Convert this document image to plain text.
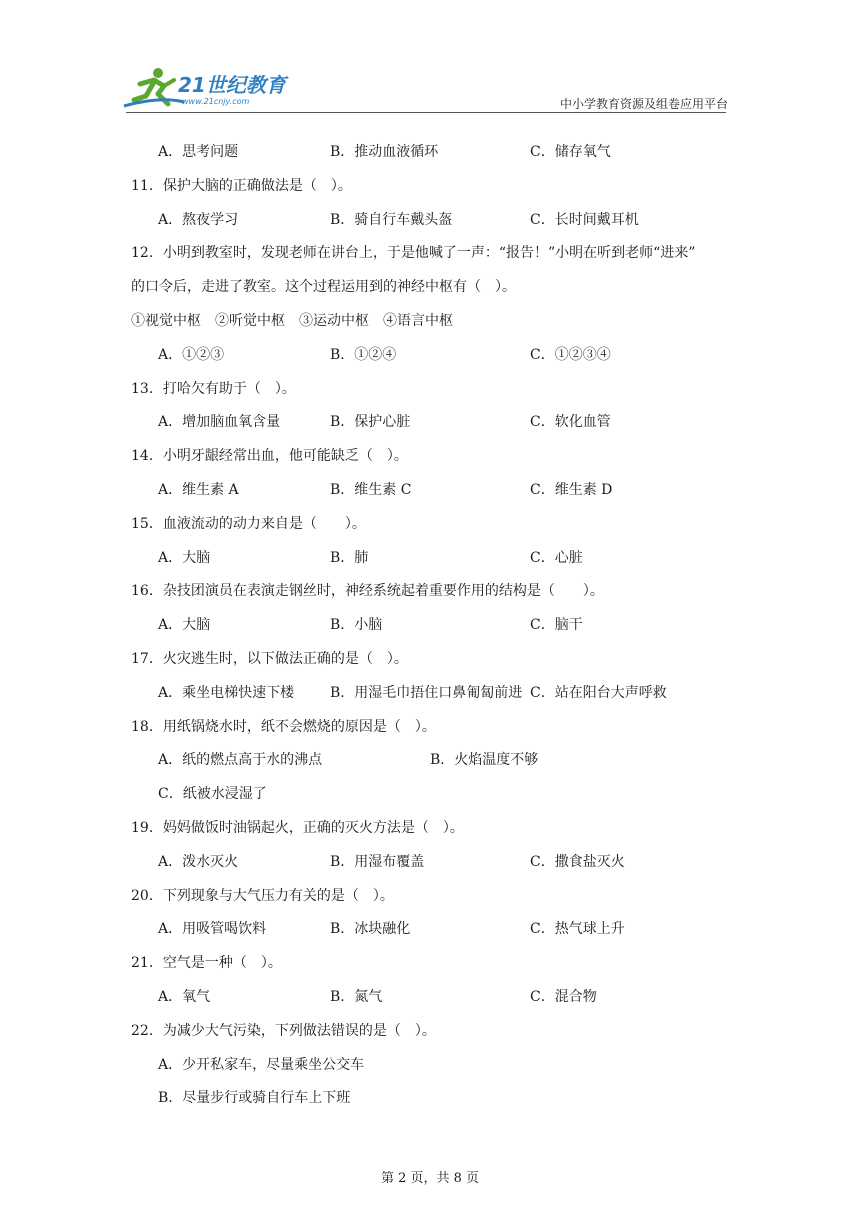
21世纪教育
www.21cnjy.com	中小学教育资源及组卷应用平台
A．思考问题	B．推动血液循环	C．储存氧气
11．保护大脑的正确做法是（　）。
A．熬夜学习	B．骑自行车戴头盔	C．长时间戴耳机
12．小明到教室时，发现老师在讲台上，于是他喊了一声：“报告！”小明在听到老师“进来”
的口令后，走进了教室。这个过程运用到的神经中枢有（　）。
①视觉中枢　②听觉中枢　③运动中枢　④语言中枢
A．①②③	B．①②④	C．①②③④
13．打哈欠有助于（　）。
A．增加脑血氧含量	B．保护心脏	C．软化血管
14．小明牙龈经常出血，他可能缺乏（　）。
A．维生素 A	B．维生素 C	C．维生素 D
15．血液流动的动力来自是（　　）。
A．大脑	B．肺	C．心脏
16．杂技团演员在表演走钢丝时，神经系统起着重要作用的结构是（　　）。
A．大脑	B．小脑	C．脑干
17．火灾逃生时，以下做法正确的是（　）。
A．乘坐电梯快速下楼	B．用湿毛巾捂住口鼻匍匐前进 C．站在阳台大声呼救
18．用纸锅烧水时，纸不会燃烧的原因是（　）。
A．纸的燃点高于水的沸点	B．火焰温度不够
C．纸被水浸湿了
19．妈妈做饭时油锅起火，正确的灭火方法是（　）。
A．泼水灭火	B．用湿布覆盖	C．撒食盐灭火
20．下列现象与大气压力有关的是（　）。
A．用吸管喝饮料	B．冰块融化	C．热气球上升
21．空气是一种（　）。
A．氧气	B．氮气	C．混合物
22．为减少大气污染，下列做法错误的是（　）。
A．少开私家车，尽量乘坐公交车
B．尽量步行或骑自行车上下班
第 2 页，共 8 页
